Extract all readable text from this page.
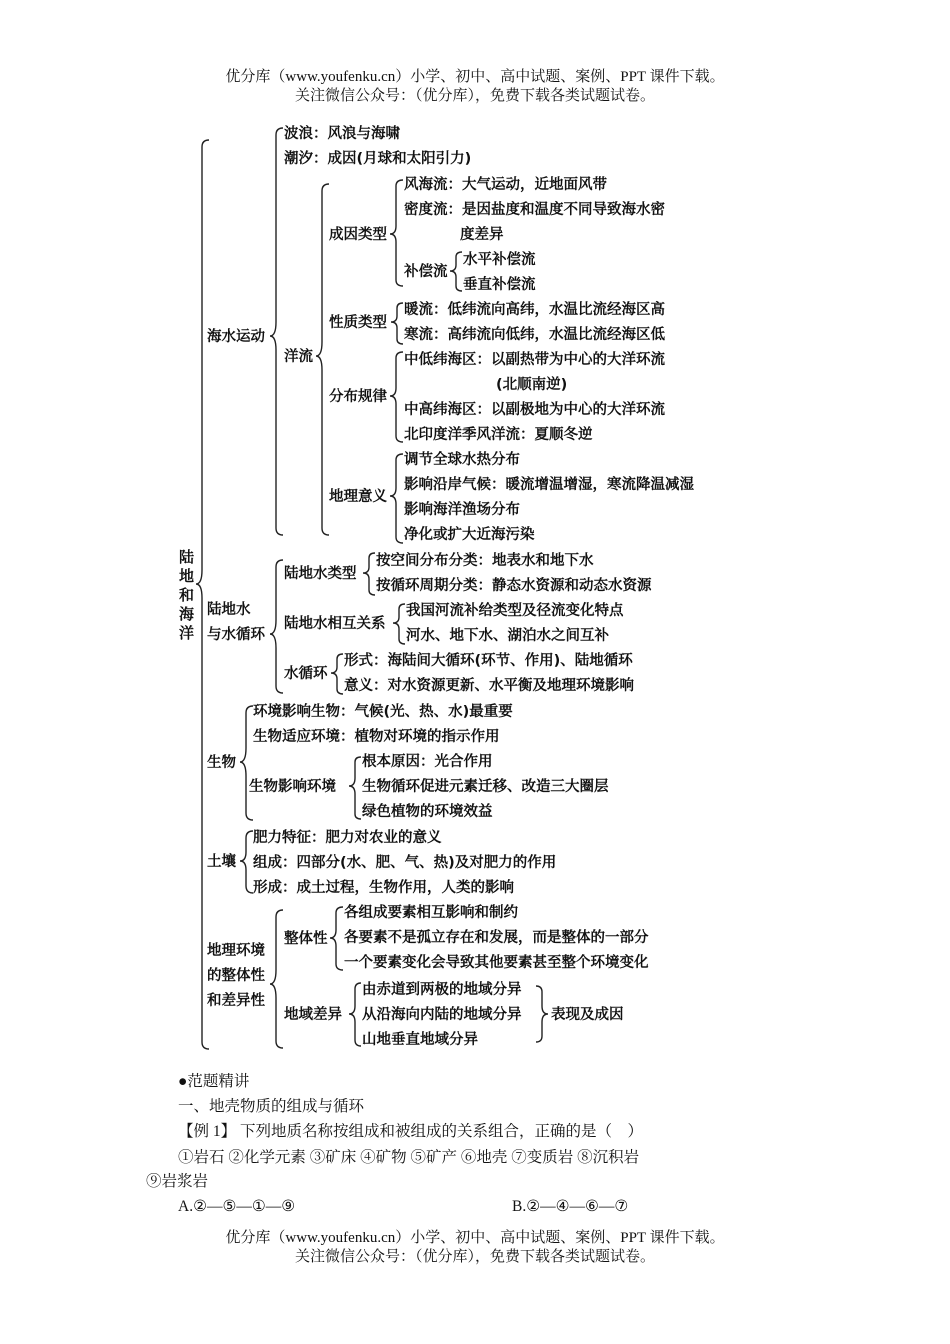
优分库（www.youfenku.cn）小学、初中、高中试题、案例、PPT 课件下载。
关注微信公众号：（优分库），免费下载各类试题试卷。
陆
地
和
海
洋
海水运动
波浪：风浪与海啸
潮汐：成因(月球和太阳引力)
洋流
成因类型
风海流：大气运动，近地面风带
密度流：是因盐度和温度不同导致海水密
度差异
补偿流
水平补偿流
垂直补偿流
性质类型
暖流：低纬流向高纬，水温比流经海区高
寒流：高纬流向低纬，水温比流经海区低
分布规律
中低纬海区：以副热带为中心的大洋环流
(北顺南逆)
中高纬海区：以副极地为中心的大洋环流
北印度洋季风洋流：夏顺冬逆
地理意义
调节全球水热分布
影响沿岸气候：暖流增温增湿，寒流降温减湿
影响海洋渔场分布
净化或扩大近海污染
陆地水
与水循环
陆地水类型
按空间分布分类：地表水和地下水
按循环周期分类：静态水资源和动态水资源
陆地水相互关系
我国河流补给类型及径流变化特点
河水、地下水、湖泊水之间互补
水循环
形式：海陆间大循环(环节、作用)、陆地循环
意义：对水资源更新、水平衡及地理环境影响
生物
环境影响生物：气候(光、热、水)最重要
生物适应环境：植物对环境的指示作用
生物影响环境
根本原因：光合作用
生物循环促进元素迁移、改造三大圈层
绿色植物的环境效益
土壤
肥力特征：肥力对农业的意义
组成：四部分(水、肥、气、热)及对肥力的作用
形成：成土过程，生物作用，人类的影响
地理环境
的整体性
和差异性
整体性
各组成要素相互影响和制约
各要素不是孤立存在和发展，而是整体的一部分
一个要素变化会导致其他要素甚至整个环境变化
地域差异
由赤道到两极的地域分异
从沿海向内陆的地域分异
山地垂直地域分异
表现及成因
●范题精讲
一、地壳物质的组成与循环
【例 1】 下列地质名称按组成和被组成的关系组合，正确的是（　）
①岩石 ②化学元素 ③矿床 ④矿物 ⑤矿产 ⑥地壳 ⑦变质岩 ⑧沉积岩
⑨岩浆岩
A.②—⑤—①—⑨	B.②—④—⑥—⑦
优分库（www.youfenku.cn）小学、初中、高中试题、案例、PPT 课件下载。
关注微信公众号：（优分库），免费下载各类试题试卷。
